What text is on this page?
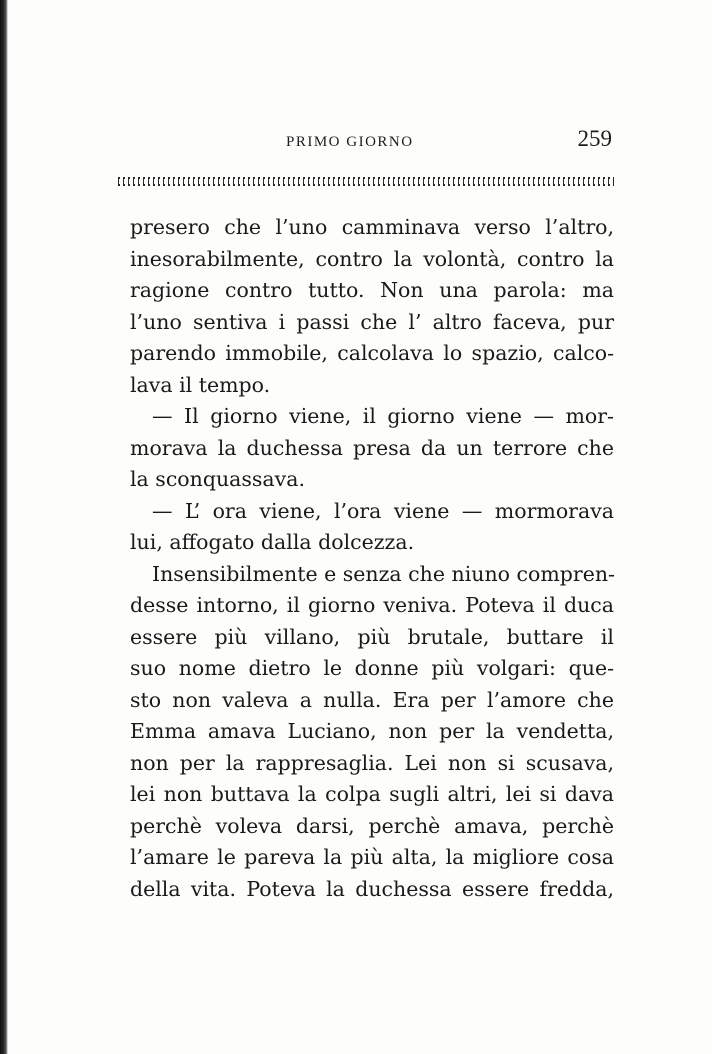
PRIMO GIORNO	259
presero che l’uno camminava verso l’altro,
inesorabilmente, contro la volontà, contro la
ragione contro tutto. Non una parola: ma
l’uno sentiva i passi che l’ altro faceva, pur
parendo immobile, calcolava lo spazio, calco-
lava il tempo.
— Il giorno viene, il giorno viene — mor-
morava la duchessa presa da un terrore che
la sconquassava.
— L’ ora viene, l’ora viene — mormorava
lui, affogato dalla dolcezza.
Insensibilmente e senza che niuno compren-
desse intorno, il giorno veniva. Poteva il duca
essere più villano, più brutale, buttare il
suo nome dietro le donne più volgari: que-
sto non valeva a nulla. Era per l’amore che
Emma amava Luciano, non per la vendetta,
non per la rappresaglia. Lei non si scusava,
lei non buttava la colpa sugli altri, lei si dava
perchè voleva darsi, perchè amava, perchè
l’amare le pareva la più alta, la migliore cosa
della vita. Poteva la duchessa essere fredda,
